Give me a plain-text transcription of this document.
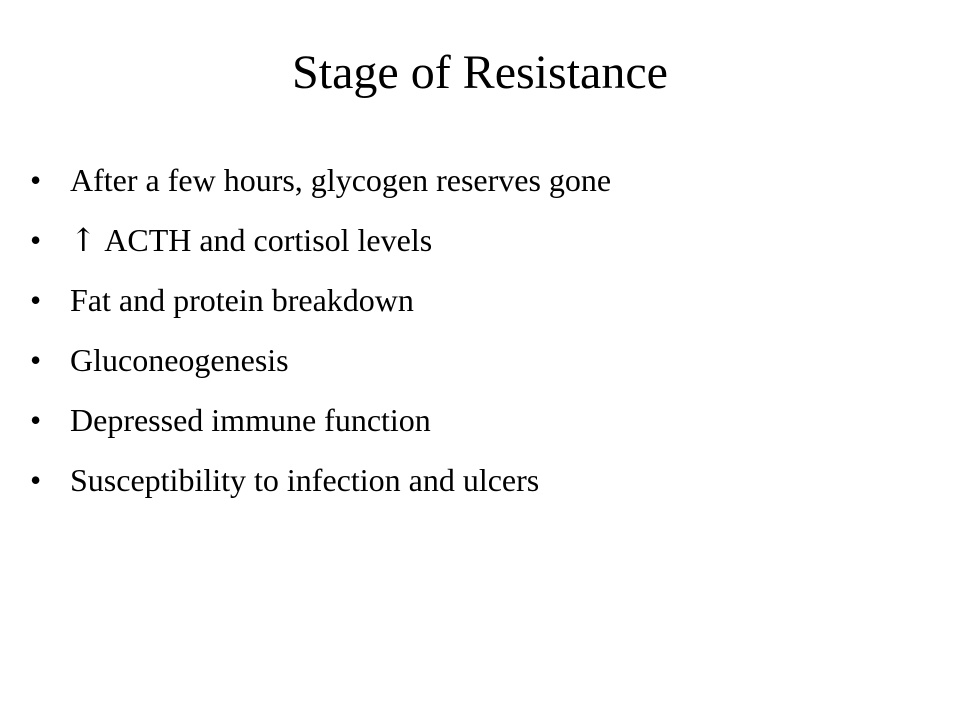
Stage of Resistance
• After a few hours, glycogen reserves gone
• ↑ ACTH and cortisol levels
• Fat and protein breakdown
• Gluconeogenesis
• Depressed immune function
• Susceptibility to infection and ulcers
